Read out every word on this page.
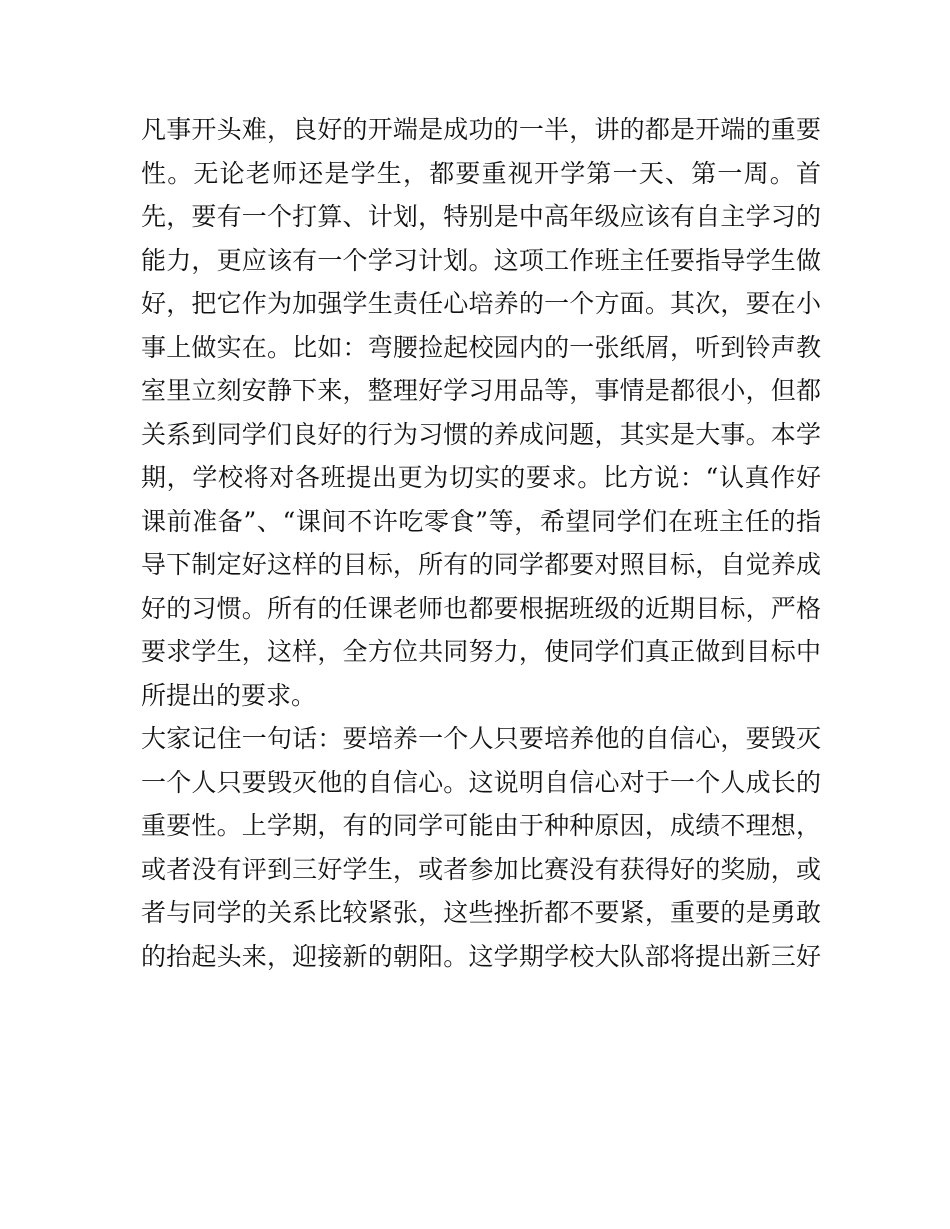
凡事开头难，良好的开端是成功的一半，讲的都是开端的重要
性。无论老师还是学生，都要重视开学第一天、第一周。首
先，要有一个打算、计划，特别是中高年级应该有自主学习的
能力，更应该有一个学习计划。这项工作班主任要指导学生做
好，把它作为加强学生责任心培养的一个方面。其次，要在小
事上做实在。比如：弯腰捡起校园内的一张纸屑，听到铃声教
室里立刻安静下来，整理好学习用品等，事情是都很小，但都
关系到同学们良好的行为习惯的养成问题，其实是大事。本学
期，学校将对各班提出更为切实的要求。比方说：“认真作好
课前准备”、“课间不许吃零食”等，希望同学们在班主任的指
导下制定好这样的目标，所有的同学都要对照目标，自觉养成
好的习惯。所有的任课老师也都要根据班级的近期目标，严格
要求学生，这样，全方位共同努力，使同学们真正做到目标中
所提出的要求。
大家记住一句话：要培养一个人只要培养他的自信心，要毁灭
一个人只要毁灭他的自信心。这说明自信心对于一个人成长的
重要性。上学期，有的同学可能由于种种原因，成绩不理想，
或者没有评到三好学生，或者参加比赛没有获得好的奖励，或
者与同学的关系比较紧张，这些挫折都不要紧，重要的是勇敢
的抬起头来，迎接新的朝阳。这学期学校大队部将提出新三好
